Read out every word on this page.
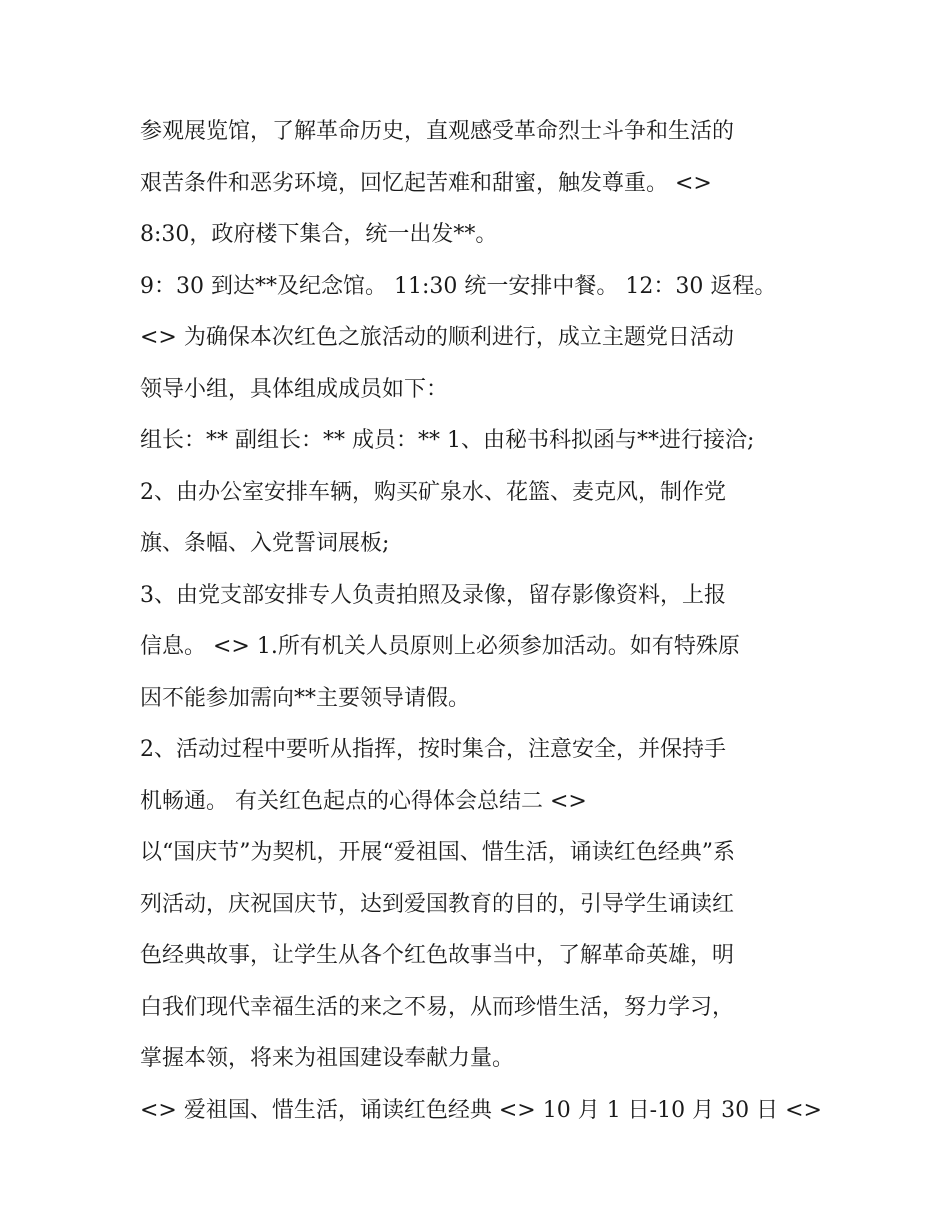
参观展览馆，了解革命历史，直观感受革命烈士斗争和生活的
艰苦条件和恶劣环境，回忆起苦难和甜蜜，触发尊重。 <>
8:30，政府楼下集合，统一出发**。
9：30 到达**及纪念馆。 11:30 统一安排中餐。 12：30 返程。
<> 为确保本次红色之旅活动的顺利进行，成立主题党日活动
领导小组，具体组成成员如下：
组长：** 副组长：** 成员：** 1、由秘书科拟函与**进行接洽;
2、由办公室安排车辆，购买矿泉水、花篮、麦克风，制作党
旗、条幅、入党誓词展板;
3、由党支部安排专人负责拍照及录像，留存影像资料，上报
信息。 <> 1.所有机关人员原则上必须参加活动。如有特殊原
因不能参加需向**主要领导请假。
2、活动过程中要听从指挥，按时集合，注意安全，并保持手
机畅通。 有关红色起点的心得体会总结二 <>
以“国庆节”为契机，开展“爱祖国、惜生活，诵读红色经典”系
列活动，庆祝国庆节，达到爱国教育的目的，引导学生诵读红
色经典故事，让学生从各个红色故事当中，了解革命英雄，明
白我们现代幸福生活的来之不易，从而珍惜生活，努力学习，
掌握本领，将来为祖国建设奉献力量。
<> 爱祖国、惜生活，诵读红色经典 <> 10 月 1 日-10 月 30 日 <>
